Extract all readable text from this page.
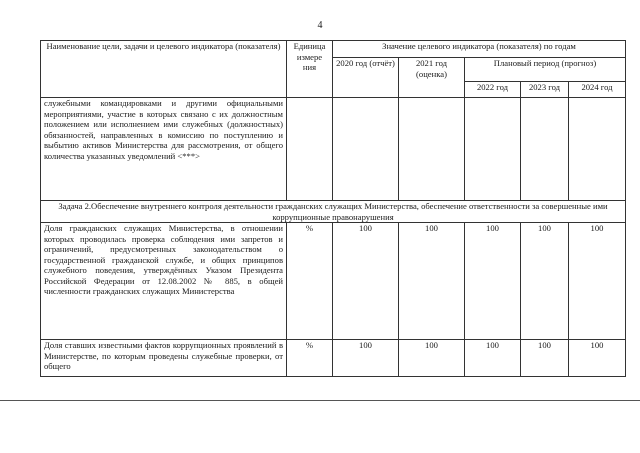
4
Наименование цели, задачи и целевого индикатора (показателя)	Единица измере ния	Значение целевого индикатора (показателя) по годам				
		2020 год (отчёт)	2021 год (оценка)	Плановый период (прогноз)		
				2022 год	2023 год	2024 год
служебными командировками и другими официальными мероприятиями, участие в которых связано с их должностным положением или исполнением ими служебных (должностных) обязанностей, направленных в комиссию по поступлению и выбытию активов Министерства для рассмотрения, от общего количества указанных уведомлений <***>						
Задача 2.Обеспечение внутреннего контроля деятельности гражданских служащих Министерства, обеспечение ответственности за совершенные ими коррупционные правонарушения						
Доля гражданских служащих Министерства, в отношении которых проводилась проверка соблюдения ими запретов и ограничений, предусмотренных законодательством о государственной гражданской службе, и общих принципов служебного поведения, утверждённых Указом Президента Российской Федерации от 12.08.2002 № 885, в общей численности гражданских служащих Министерства	%	100	100	100	100	100
Доля ставших известными фактов коррупционных проявлений в Министерстве, по которым проведены служебные проверки, от общего	%	100	100	100	100	100
